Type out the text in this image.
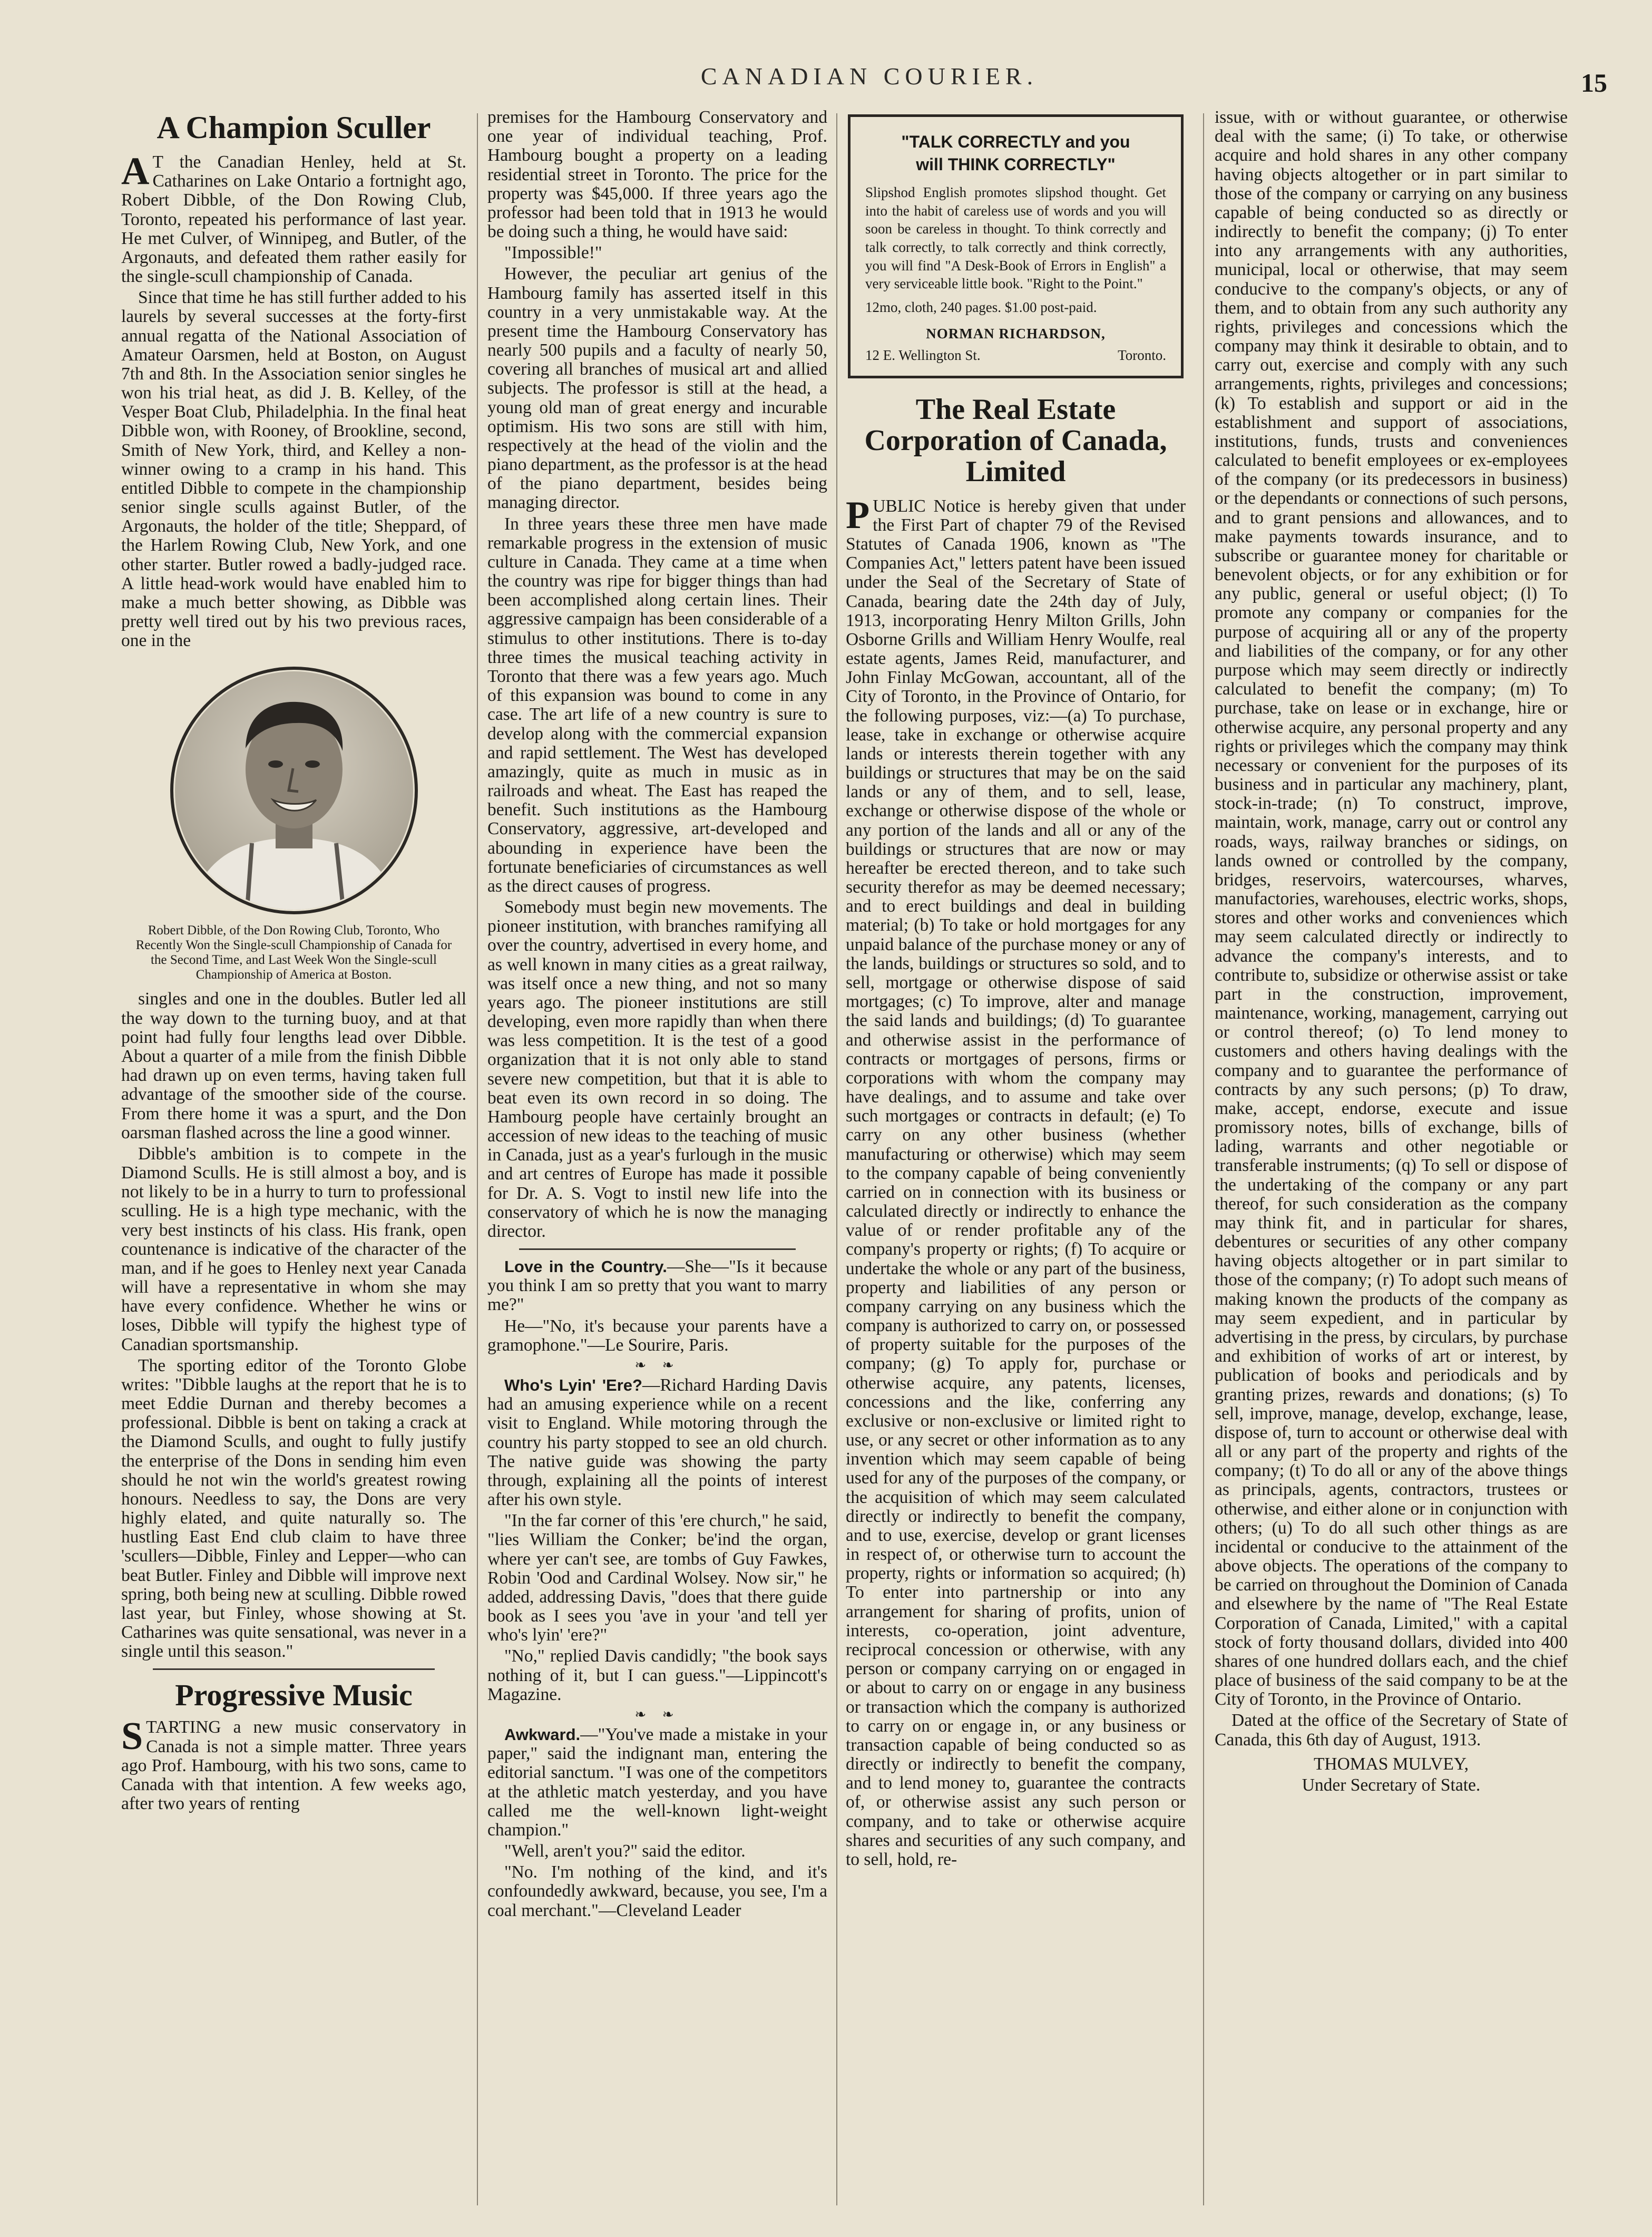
CANADIAN COURIER.	15
A Champion Sculler

A T the Canadian Henley, held at St. Catharines on Lake Ontario a fortnight ago, Robert Dibble, of the Don Rowing Club, Toronto, repeated his performance of last year. He met Culver, of Winnipeg, and Butler, of the Argonauts, and defeated them rather easily for the single-scull championship of Canada.

Since that time he has still further added to his laurels by several successes at the forty-first annual regatta of the National Association of Amateur Oarsmen, held at Boston, on August 7th and 8th. In the Association senior singles he won his trial heat, as did J. B. Kelley, of the Vesper Boat Club, Philadelphia. In the final heat Dibble won, with Rooney, of Brookline, second, Smith of New York, third, and Kelley a non-winner owing to a cramp in his hand. This entitled Dibble to compete in the championship senior single sculls against Butler, of the Argonauts, the holder of the title; Sheppard, of the Harlem Rowing Club, New York, and one other starter. Butler rowed a badly-judged race. A little head-work would have enabled him to make a much better showing, as Dibble was pretty well tired out by his two previous races, one in the

Robert Dibble, of the Don Rowing Club, Toronto, Who Recently Won the Single-scull Championship of Canada for the Second Time, and Last Week Won the Single-scull Championship of America at Boston.

singles and one in the doubles. Butler led all the way down to the turning buoy, and at that point had fully four lengths lead over Dibble. About a quarter of a mile from the finish Dibble had drawn up on even terms, having taken full advantage of the smoother side of the course. From there home it was a spurt, and the Don oarsman flashed across the line a good winner.

Dibble's ambition is to compete in the Diamond Sculls. He is still almost a boy, and is not likely to be in a hurry to turn to professional sculling. He is a high type mechanic, with the very best instincts of his class. His frank, open countenance is indicative of the character of the man, and if he goes to Henley next year Canada will have a representative in whom she may have every confidence. Whether he wins or loses, Dibble will typify the highest type of Canadian sportsmanship.

The sporting editor of the Toronto Globe writes: "Dibble laughs at the report that he is to meet Eddie Durnan and thereby becomes a professional. Dibble is bent on taking a crack at the Diamond Sculls, and ought to fully justify the enterprise of the Dons in sending him even should he not win the world's greatest rowing honours. Needless to say, the Dons are very highly elated, and quite naturally so. The hustling East End club claim to have three 'scullers—Dibble, Finley and Lepper—who can beat Butler. Finley and Dibble will improve next spring, both being new at sculling. Dibble rowed last year, but Finley, whose showing at St. Catharines was quite sensational, was never in a single until this season."

Progressive Music

STARTING a new music conservatory in Canada is not a simple matter. Three years ago Prof. Hambourg, with his two sons, came to Canada with that intention. A few weeks ago, after two years of renting

premises for the Hambourg Conservatory and one year of individual teaching, Prof. Hambourg bought a property on a leading residential street in Toronto. The price for the property was $45,000. If three years ago the professor had been told that in 1913 he would be doing such a thing, he would have said:

"Impossible!"

However, the peculiar art genius of the Hambourg family has asserted itself in this country in a very unmistakable way. At the present time the Hambourg Conservatory has nearly 500 pupils and a faculty of nearly 50, covering all branches of musical art and allied subjects. The professor is still at the head, a young old man of great energy and incurable optimism. His two sons are still with him, respectively at the head of the violin and the piano department, as the professor is at the head of the piano department, besides being managing director.

In three years these three men have made remarkable progress in the extension of music culture in Canada. They came at a time when the country was ripe for bigger things than had been accomplished along certain lines. Their aggressive campaign has been considerable of a stimulus to other institutions. There is to-day three times the musical teaching activity in Toronto that there was a few years ago. Much of this expansion was bound to come in any case. The art life of a new country is sure to develop along with the commercial expansion and rapid settlement. The West has developed amazingly, quite as much in music as in railroads and wheat. The East has reaped the benefit. Such institutions as the Hambourg Conservatory, aggressive, art-developed and abounding in experience have been the fortunate beneficiaries of circumstances as well as the direct causes of progress.

Somebody must begin new movements. The pioneer institution, with branches ramifying all over the country, advertised in every home, and as well known in many cities as a great railway, was itself once a new thing, and not so many years ago. The pioneer institutions are still developing, even more rapidly than when there was less competition. It is the test of a good organization that it is not only able to stand severe new competition, but that it is able to beat even its own record in so doing. The Hambourg people have certainly brought an accession of new ideas to the teaching of music in Canada, just as a year's furlough in the music and art centres of Europe has made it possible for Dr. A. S. Vogt to instil new life into the conservatory of which he is now the managing director.

Love in the Country.—She—"Is it because you think I am so pretty that you want to marry me?"

He—"No, it's because your parents have a gramophone."—Le Sourire, Paris.

❧ ❧

Who's Lyin' 'Ere?—Richard Harding Davis had an amusing experience while on a recent visit to England. While motoring through the country his party stopped to see an old church. The native guide was showing the party through, explaining all the points of interest after his own style.

"In the far corner of this 'ere church," he said, "lies William the Conker; be'ind the organ, where yer can't see, are tombs of Guy Fawkes, Robin 'Ood and Cardinal Wolsey. Now sir," he added, addressing Davis, "does that there guide book as I sees you 'ave in your 'and tell yer who's lyin' 'ere?"

"No," replied Davis candidly; "the book says nothing of it, but I can guess."—Lippincott's Magazine.

❧ ❧

Awkward.—"You've made a mistake in your paper," said the indignant man, entering the editorial sanctum. "I was one of the competitors at the athletic match yesterday, and you have called me the well-known light-weight champion."

"Well, aren't you?" said the editor.

"No. I'm nothing of the kind, and it's confoundedly awkward, because, you see, I'm a coal merchant."—Cleveland Leader

"TALK CORRECTLY and you
will THINK CORRECTLY"
Slipshod English promotes slipshod thought. Get into the habit of careless use of words and you will soon be careless in thought. To think correctly and talk correctly, to talk correctly and think correctly, you will find "A Desk-Book of Errors in English" a very serviceable little book. "Right to the Point."
12mo, cloth, 240 pages. $1.00 post-paid.
NORMAN RICHARDSON,
12 E. Wellington St.	Toronto.
The Real Estate Corporation of Canada, Limited

PUBLIC Notice is hereby given that under the First Part of chapter 79 of the Revised Statutes of Canada 1906, known as "The Companies Act," letters patent have been issued under the Seal of the Secretary of State of Canada, bearing date the 24th day of July, 1913, incorporating Henry Milton Grills, John Osborne Grills and William Henry Woulfe, real estate agents, James Reid, manufacturer, and John Finlay McGowan, accountant, all of the City of Toronto, in the Province of Ontario, for the following purposes, viz:—(a) To purchase, lease, take in exchange or otherwise acquire lands or interests therein together with any buildings or structures that may be on the said lands or any of them, and to sell, lease, exchange or otherwise dispose of the whole or any portion of the lands and all or any of the buildings or structures that are now or may hereafter be erected thereon, and to take such security therefor as may be deemed necessary; and to erect buildings and deal in building material; (b) To take or hold mortgages for any unpaid balance of the purchase money or any of the lands, buildings or structures so sold, and to sell, mortgage or otherwise dispose of said mortgages; (c) To improve, alter and manage the said lands and buildings; (d) To guarantee and otherwise assist in the performance of contracts or mortgages of persons, firms or corporations with whom the company may have dealings, and to assume and take over such mortgages or contracts in default; (e) To carry on any other business (whether manufacturing or otherwise) which may seem to the company capable of being conveniently carried on in connection with its business or calculated directly or indirectly to enhance the value of or render profitable any of the company's property or rights; (f) To acquire or undertake the whole or any part of the business, property and liabilities of any person or company carrying on any business which the company is authorized to carry on, or possessed of property suitable for the purposes of the company; (g) To apply for, purchase or otherwise acquire, any patents, licenses, concessions and the like, conferring any exclusive or non-exclusive or limited right to use, or any secret or other information as to any invention which may seem capable of being used for any of the purposes of the company, or the acquisition of which may seem calculated directly or indirectly to benefit the company, and to use, exercise, develop or grant licenses in respect of, or otherwise turn to account the property, rights or information so acquired; (h) To enter into partnership or into any arrangement for sharing of profits, union of interests, co-operation, joint adventure, reciprocal concession or otherwise, with any person or company carrying on or engaged in or about to carry on or engage in any business or transaction which the company is authorized to carry on or engage in, or any business or transaction capable of being conducted so as directly or indirectly to benefit the company, and to lend money to, guarantee the contracts of, or otherwise assist any such person or company, and to take or otherwise acquire shares and securities of any such company, and to sell, hold, re-

issue, with or without guarantee, or otherwise deal with the same; (i) To take, or otherwise acquire and hold shares in any other company having objects altogether or in part similar to those of the company or carrying on any business capable of being conducted so as directly or indirectly to benefit the company; (j) To enter into any arrangements with any authorities, municipal, local or otherwise, that may seem conducive to the company's objects, or any of them, and to obtain from any such authority any rights, privileges and concessions which the company may think it desirable to obtain, and to carry out, exercise and comply with any such arrangements, rights, privileges and concessions; (k) To establish and support or aid in the establishment and support of associations, institutions, funds, trusts and conveniences calculated to benefit employees or ex-employees of the company (or its predecessors in business) or the dependants or connections of such persons, and to grant pensions and allowances, and to make payments towards insurance, and to subscribe or guarantee money for charitable or benevolent objects, or for any exhibition or for any public, general or useful object; (l) To promote any company or companies for the purpose of acquiring all or any of the property and liabilities of the company, or for any other purpose which may seem directly or indirectly calculated to benefit the company; (m) To purchase, take on lease or in exchange, hire or otherwise acquire, any personal property and any rights or privileges which the company may think necessary or convenient for the purposes of its business and in particular any machinery, plant, stock-in-trade; (n) To construct, improve, maintain, work, manage, carry out or control any roads, ways, railway branches or sidings, on lands owned or controlled by the company, bridges, reservoirs, watercourses, wharves, manufactories, warehouses, electric works, shops, stores and other works and conveniences which may seem calculated directly or indirectly to advance the company's interests, and to contribute to, subsidize or otherwise assist or take part in the construction, improvement, maintenance, working, management, carrying out or control thereof; (o) To lend money to customers and others having dealings with the company and to guarantee the performance of contracts by any such persons; (p) To draw, make, accept, endorse, execute and issue promissory notes, bills of exchange, bills of lading, warrants and other negotiable or transferable instruments; (q) To sell or dispose of the undertaking of the company or any part thereof, for such consideration as the company may think fit, and in particular for shares, debentures or securities of any other company having objects altogether or in part similar to those of the company; (r) To adopt such means of making known the products of the company as may seem expedient, and in particular by advertising in the press, by circulars, by purchase and exhibition of works of art or interest, by publication of books and periodicals and by granting prizes, rewards and donations; (s) To sell, improve, manage, develop, exchange, lease, dispose of, turn to account or otherwise deal with all or any part of the property and rights of the company; (t) To do all or any of the above things as principals, agents, contractors, trustees or otherwise, and either alone or in conjunction with others; (u) To do all such other things as are incidental or conducive to the attainment of the above objects. The operations of the company to be carried on throughout the Dominion of Canada and elsewhere by the name of "The Real Estate Corporation of Canada, Limited," with a capital stock of forty thousand dollars, divided into 400 shares of one hundred dollars each, and the chief place of business of the said company to be at the City of Toronto, in the Province of Ontario.

Dated at the office of the Secretary of State of Canada, this 6th day of August, 1913.

THOMAS MULVEY,

Under Secretary of State.
